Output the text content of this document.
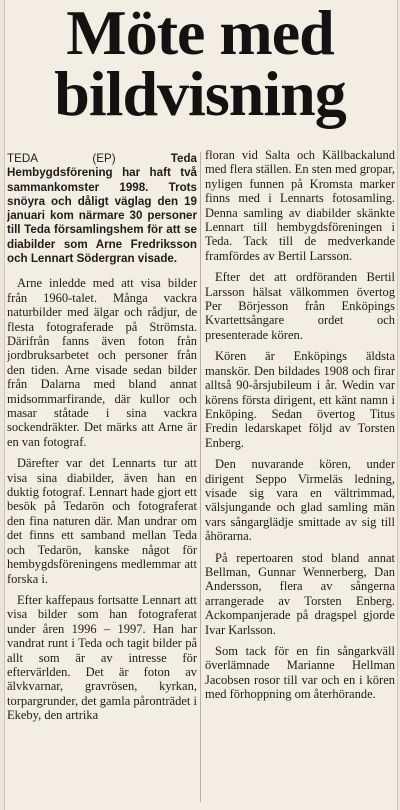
Möte med
bildvisning

TEDA (EP)	Teda Hembygdsförening har haft två sammankomster 1998. Trots snöyra och dåligt väglag den 19 januari kom närmare 30 personer till Teda församlingshem för att se diabilder som Arne Fredriksson och Lennart Södergran visade.

Arne inledde med att visa bilder från 1960-talet. Många vackra naturbilder med älgar och rådjur, de flesta fotograferade på Strömsta. Därifrån fanns även foton från jordbruksarbetet och personer från den tiden. Arne visade sedan bilder från Dalarna med bland annat midsommarfirande, där kullor och masar ståtade i sina vackra sockendräkter. Det märks att Arne är en van fotograf.

Därefter var det Lennarts tur att visa sina diabilder, även han en duktig fotograf. Lennart hade gjort ett besök på Tedarön och fotograferat den fina naturen där. Man undrar om det finns ett samband mellan Teda och Tedarön, kanske något för hembygdsföreningens medlemmar att forska i.

Efter kaffepaus fortsatte Lennart att visa bilder som han fotograferat under åren 1996 – 1997. Han har vandrat runt i Teda och tagit bilder på allt som är av intresse för eftervärlden. Det är foton av älvkvarnar, gravrösen, kyrkan, torpargrunder, det gamla påronträdet i Ekeby, den artrika

floran vid Salta och Källbackalund med flera ställen. En sten med gropar, nyligen funnen på Kromsta marker finns med i Lennarts fotosamling. Denna samling av diabilder skänkte Lennart till hembygdsföreningen i Teda. Tack till de medverkande framfördes av Bertil Larsson.

Efter det att ordföranden Bertil Larsson hälsat välkommen övertog Per Börjesson från Enköpings Kvartettsångare ordet och presenterade kören.

Kören är Enköpings äldsta manskör. Den bildades 1908 och firar alltså 90-årsjubileum i år. Wedin var körens första dirigent, ett känt namn i Enköping. Sedan övertog Titus Fredin ledarskapet följd av Torsten Enberg.

Den nuvarande kören, under dirigent Seppo Virmeläs ledning, visade sig vara en vältrimmad, välsjungande och glad samling män vars sångarglädje smittade av sig till åhörarna.

På repertoaren stod bland annat Bellman, Gunnar Wennerberg, Dan Andersson, flera av sångerna arrangerade av Torsten Enberg. Ackompanjerade på dragspel gjorde Ivar Karlsson.

Som tack för en fin sångarkväll överlämnade Marianne Hellman Jacobsen rosor till var och en i kören med förhoppning om återhörande.
